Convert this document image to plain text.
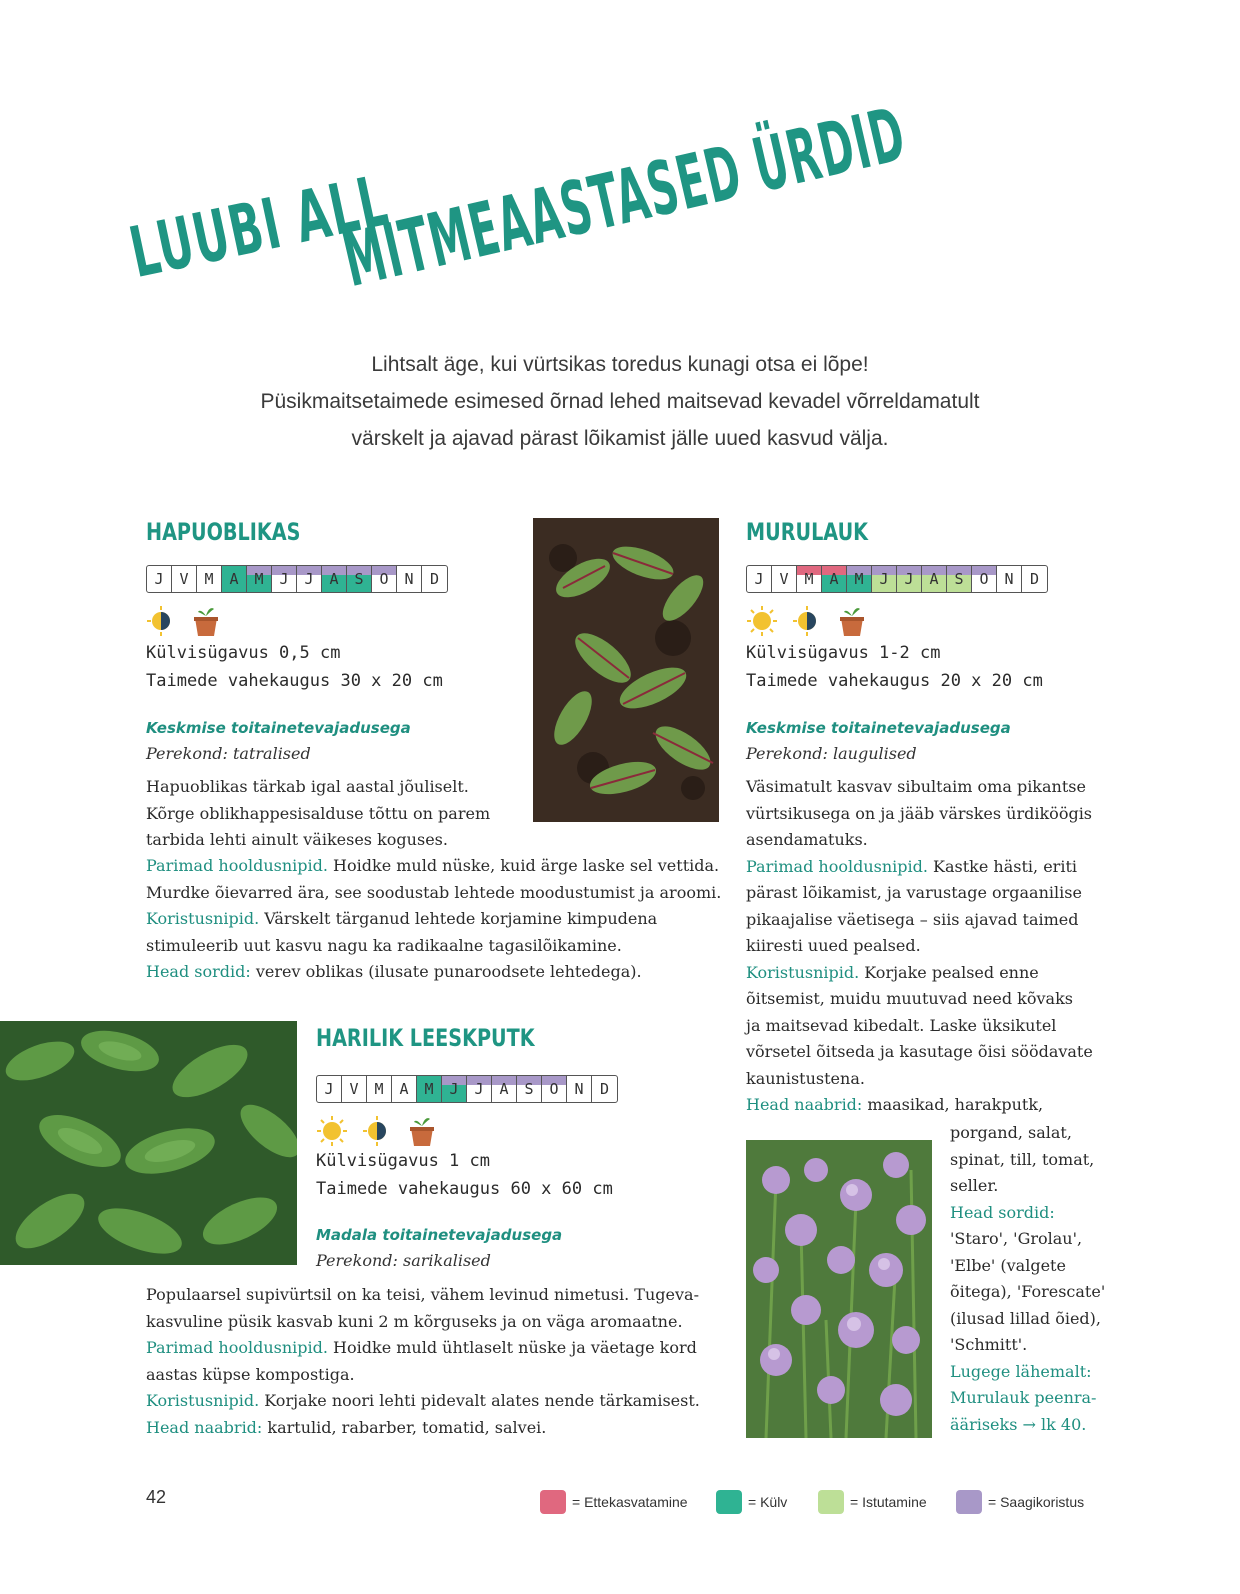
LUUBI ALL
MITMEAASTASED ÜRDID
Lihtsalt äge, kui vürtsikas toredus kunagi otsa ei lõpe!
Püsikmaitsetaimede esimesed õrnad lehed maitsevad kevadel võrreldamatult
värskelt ja ajavad pärast lõikamist jälle uued kasvud välja.
HAPUOBLIKAS
J	V	M	A	M	J	J	A	S	O	N	D
Külvisügavus 0,5 cm
Taimede vahekaugus 30 x 20 cm
Keskmise toitainetevajadusega
Perekond: tatralised
Hapuoblikas tärkab igal aastal jõuliselt.
Kõrge oblikhappesisalduse tõttu on parem
tarbida lehti ainult väikeses koguses.
Parimad hooldusnipid. Hoidke muld nüske, kuid ärge laske sel vettida.
Murdke õievarred ära, see soodustab lehtede moodustumist ja aroomi.
Koristusnipid. Värskelt tärganud lehtede korjamine kimpudena
stimuleerib uut kasvu nagu ka radikaalne tagasilõikamine.
Head sordid: verev oblikas (ilusate punaroodsete lehtedega).
MURULAUK
J	V	M	A	M	J	J	A	S	O	N	D
Külvisügavus 1-2 cm
Taimede vahekaugus 20 x 20 cm
Keskmise toitainetevajadusega
Perekond: laugulised
Väsimatult kasvav sibultaim oma pikantse
vürtsikusega on ja jääb värskes ürdiköögis
asendamatuks.
Parimad hooldusnipid. Kastke hästi, eriti
pärast lõikamist, ja varustage orgaanilise
pikaajalise väetisega – siis ajavad taimed
kiiresti uued pealsed.
Koristusnipid. Korjake pealsed enne
õitsemist, muidu muutuvad need kõvaks
ja maitsevad kibedalt. Laske üksikutel
võrsetel õitseda ja kasutage õisi söödavate
kaunistustena.
Head naabrid: maasikad, harakputk,
porgand, salat,
spinat, till, tomat,
seller.
Head sordid:
'Staro', 'Grolau',
'Elbe' (valgete
õitega), 'Forescate'
(ilusad lillad õied),
'Schmitt'.
Lugege lähemalt:
Murulauk peenra-
ääriseks → lk 40.
HARILIK LEESKPUTK
J	V	M	A	M	J	J	A	S	O	N	D
Külvisügavus 1 cm
Taimede vahekaugus 60 x 60 cm
Madala toitainetevajadusega
Perekond: sarikalised
Populaarsel supivürtsil on ka teisi, vähem levinud nimetusi. Tugeva-
kasvuline püsik kasvab kuni 2 m kõrguseks ja on väga aromaatne.
Parimad hooldusnipid. Hoidke muld ühtlaselt nüske ja väetage kord
aastas küpse kompostiga.
Koristusnipid. Korjake noori lehti pidevalt alates nende tärkamisest.
Head naabrid: kartulid, rabarber, tomatid, salvei.
42	= Ettekasvatamine	= Külv	= Istutamine	= Saagikoristus
